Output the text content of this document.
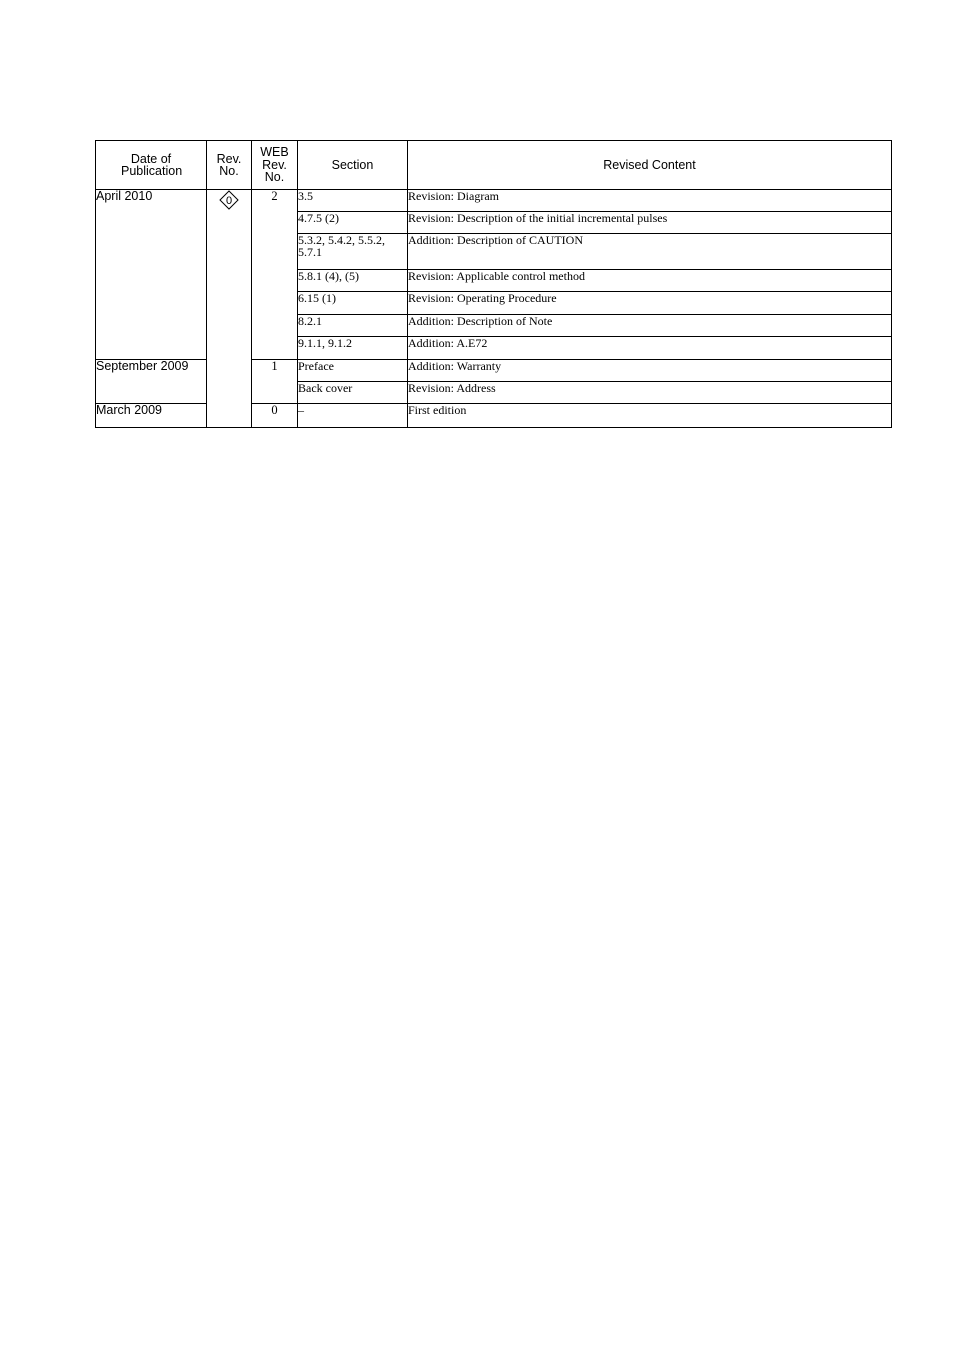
Date of Publication	Rev. No.	WEB Rev. No.	Section	Revised Content
April 2010	0	2	3.5	Revision: Diagram
			4.7.5 (2)	Revision: Description of the initial incremental pulses
			5.3.2, 5.4.2, 5.5.2, 5.7.1	Addition: Description of CAUTION
			5.8.1 (4), (5)	Revision: Applicable control method
			6.15 (1)	Revision: Operating Procedure
			8.2.1	Addition: Description of Note
			9.1.1, 9.1.2	Addition: A.E72
September 2009		1	Preface	Addition: Warranty
			Back cover	Revision: Address
March 2009		0	–	First edition
